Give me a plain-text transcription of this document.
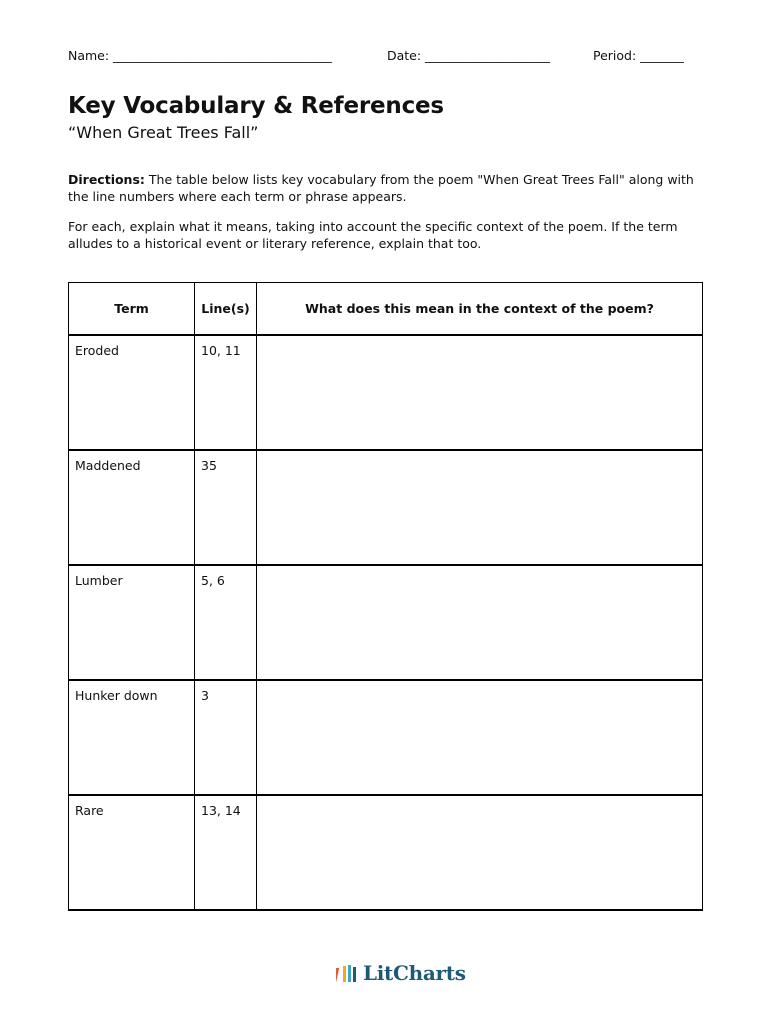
Name: ___________________________________	Date: ____________________	Period: _______
Key Vocabulary & References
“When Great Trees Fall”
Directions: The table below lists key vocabulary from the poem "When Great Trees Fall" along with the line numbers where each term or phrase appears.
For each, explain what it means, taking into account the specific context of the poem. If the term alludes to a historical event or literary reference, explain that too.
Term	Line(s)	What does this mean in the context of the poem?
Eroded	10, 11	
Maddened	35	
Lumber	5, 6	
Hunker down	3	
Rare	13, 14	
LitCharts
